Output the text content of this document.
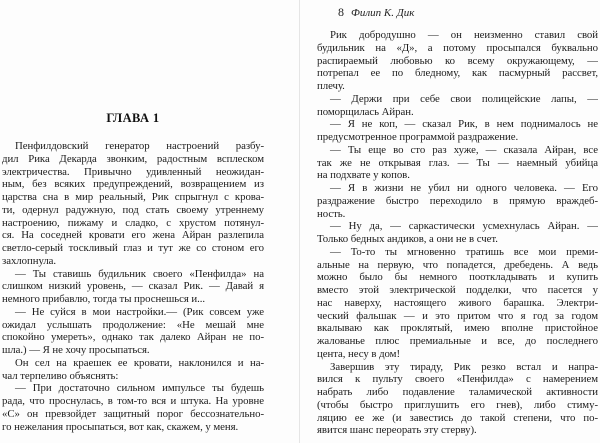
8 Филип К. Дик
ГЛАВА 1
Пенфилдовский генератор настроений разбу-
дил Рика Декарда звонким, радостным всплеском
электричества. Привычно удивленный неожидан-
ным, без всяких предупреждений, возвращением из
царства сна в мир реальный, Рик спрыгнул с крова-
ти, одернул радужную, под стать своему утреннему
настроению, пижаму и сладко, с хрустом потянул-
ся. На соседней кровати его жена Айран разлепила
светло-серый тоскливый глаз и тут же со стоном его
захлопнула.
— Ты ставишь будильник своего «Пенфилда» на
слишком низкий уровень, — сказал Рик. — Давай я
немного прибавлю, тогда ты проснешься и...
— Не суйся в мои настройки.— (Рик совсем уже
ожидал услышать продолжение: «Не мешай мне
спокойно умереть», однако так далеко Айран не по-
шла.) — Я не хочу просыпаться.
Он сел на краешек ее кровати, наклонился и на-
чал терпеливо объяснять:
— При достаточно сильном импульсе ты будешь
рада, что проснулась, в том-то вся и штука. На уровне
«С» он превзойдет защитный порог бессознательно-
го нежелания просыпаться, вот как, скажем, у меня.
Рик добродушно — он неизменно ставил свой
будильник на «Д», а потому просыпался буквально
распираемый любовью ко всему окружающему, —
потрепал ее по бледному, как пасмурный рассвет,
плечу.
— Держи при себе свои полицейские лапы, —
поморщилась Айран.
— Я не коп, — сказал Рик, в нем поднималось не
предусмотренное программой раздражение.
— Ты еще во сто раз хуже, — сказала Айран, все
так же не открывая глаз. — Ты — наемный убийца
на подхвате у копов.
— Я в жизни не убил ни одного человека. — Его
раздражение быстро переходило в прямую враждеб-
ность.
— Ну да, — саркастически усмехнулась Айран. —
Только бедных андиков, а они не в счет.
— То-то ты мгновенно тратишь все мои преми-
альные на первую, что попадется, дребедень. А ведь
можно было бы немного пооткладывать и купить
вместо этой электрической подделки, что пасется у
нас наверху, настоящего живого барашка. Электри-
ческий фальшак — и это притом что я год за годом
вкалываю как проклятый, имею вполне пристойное
жалованье плюс премиальные и все, до последнего
цента, несу в дом!
Завершив эту тираду, Рик резко встал и напра-
вился к пульту своего «Пенфилда» с намерением
набрать либо подавление таламической активности
(чтобы быстро приглушить его гнев), либо стиму-
ляцию ее же (и завестись до такой степени, что по-
явится шанс переорать эту стерву).
